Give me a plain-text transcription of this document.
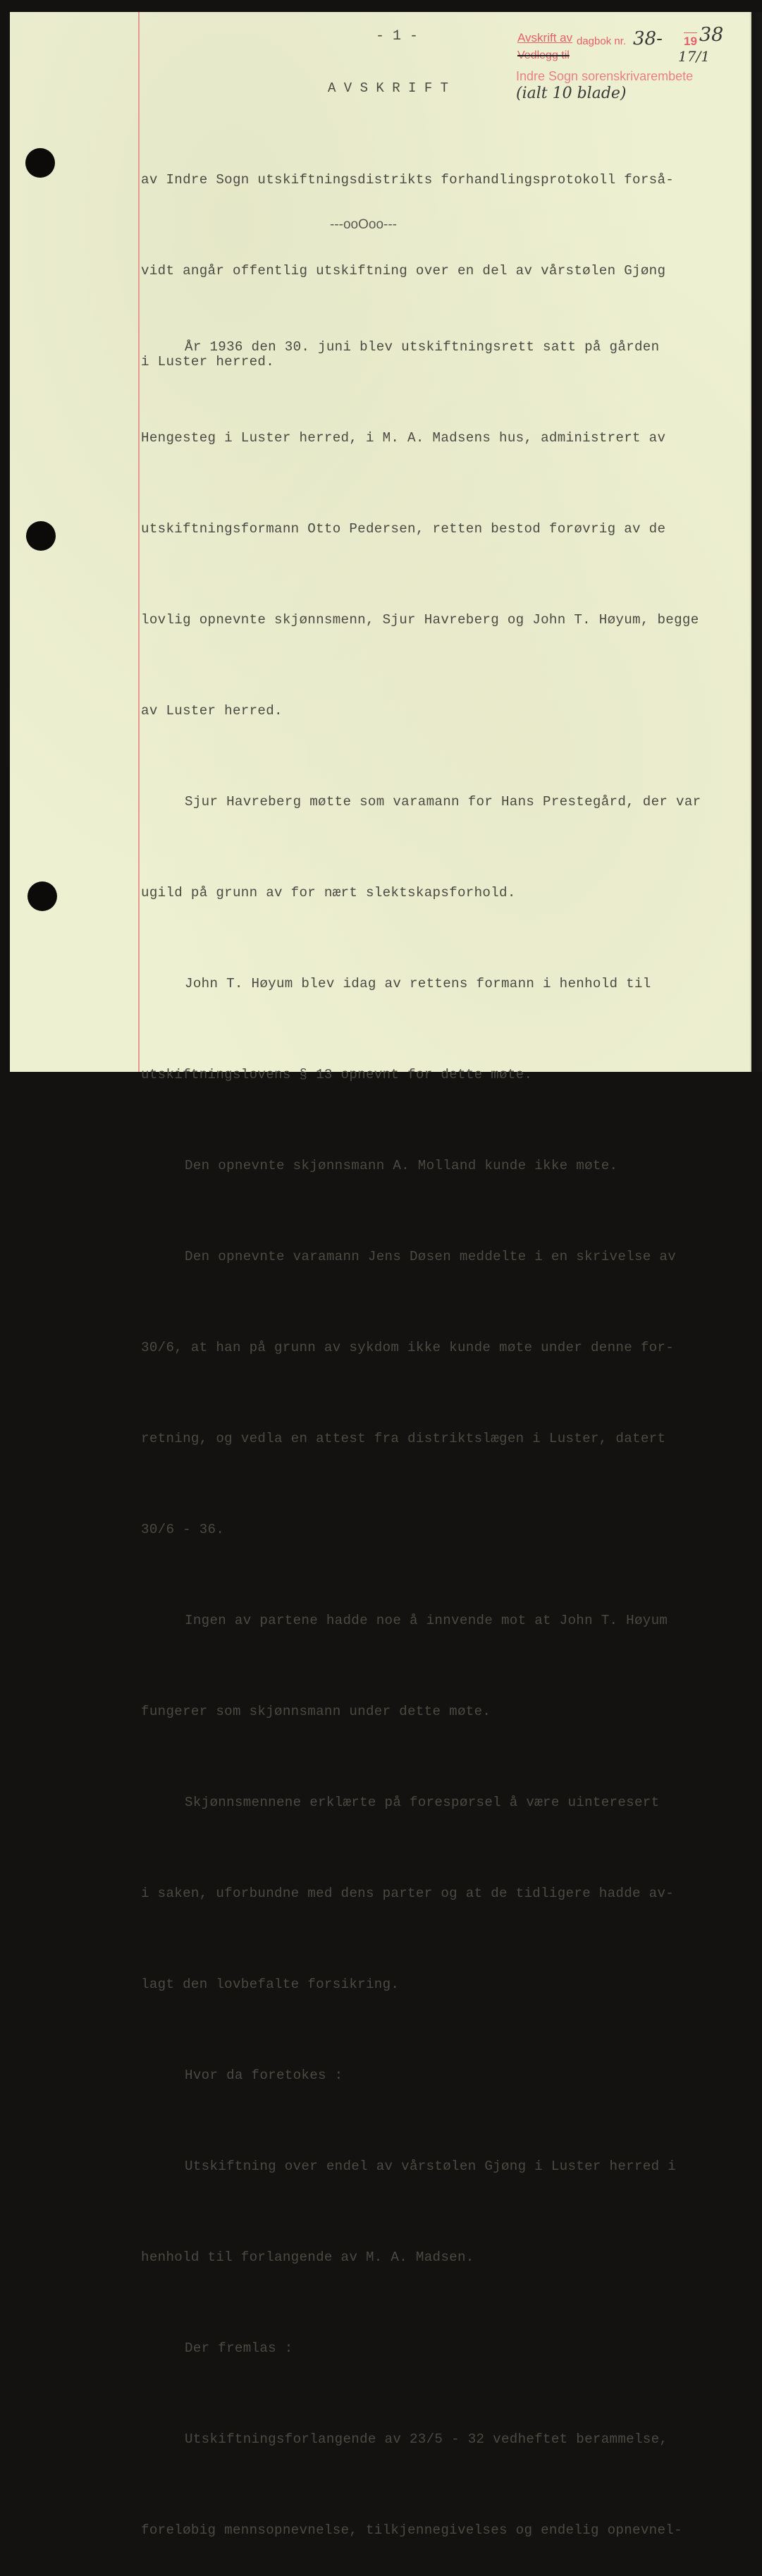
- 1 -	Avskrift av dagbok nr. 38- 19 38
Vedlegg til	17/1
Indre Sogn sorenskrivarembete
(ialt 10 blade)
A V S K R I F T

av Indre Sogn utskiftningsdistrikts forhandlingsprotokoll forså-

vidt angår offentlig utskiftning over en del av vårstølen Gjøng

i Luster herred.

---ooOoo---

År 1936 den 30. juni blev utskiftningsrett satt på gården

Hengesteg i Luster herred, i M. A. Madsens hus, administrert av

utskiftningsformann Otto Pedersen, retten bestod forøvrig av de

lovlig opnevnte skjønnsmenn, Sjur Havreberg og John T. Høyum, begge

av Luster herred.

Sjur Havreberg møtte som varamann for Hans Prestegård, der var

ugild på grunn av for nært slektskapsforhold.

John T. Høyum blev idag av rettens formann i henhold til

utskiftningslovens § 13 opnevnt for dette møte.

Den opnevnte skjønnsmann A. Molland kunde ikke møte.

Den opnevnte varamann Jens Døsen meddelte i en skrivelse av

30/6, at han på grunn av sykdom ikke kunde møte under denne for-

retning, og vedla en attest fra distriktslægen i Luster, datert

30/6 - 36.

Ingen av partene hadde noe å innvende mot at John T. Høyum

fungerer som skjønnsmann under dette møte.

Skjønnsmennene erklærte på forespørsel å være uinteresert

i saken, uforbundne med dens parter og at de tidligere hadde av-

lagt den lovbefalte forsikring.

Hvor da foretokes :

Utskiftning over endel av vårstølen Gjøng i Luster herred i

henhold til forlangende av M. A. Madsen.

Der fremlas :

Utskiftningsforlangende av 23/5 - 32 vedheftet berammelse,

foreløbig mennsopnevnelse, tilkjennegivelses og endelig opnevnel-
